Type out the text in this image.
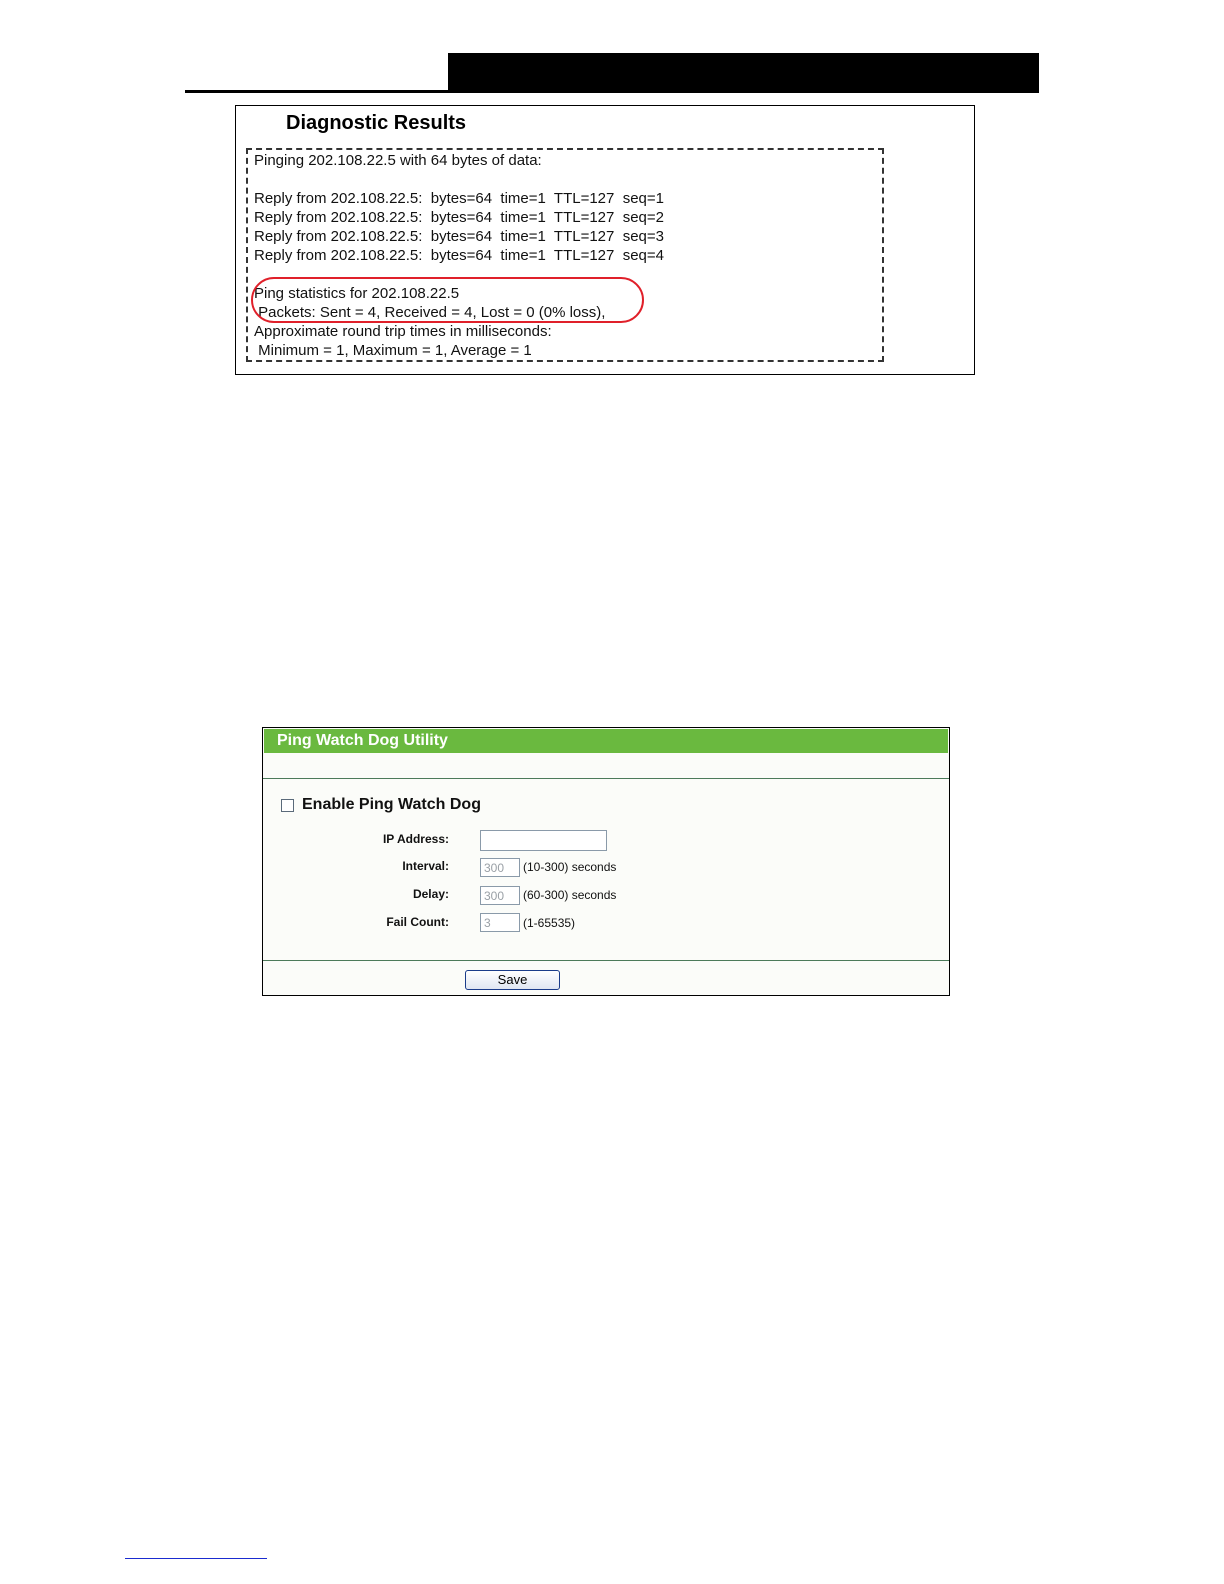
Diagnostic Results
Pinging 202.108.22.5 with 64 bytes of data:
Reply from 202.108.22.5:  bytes=64  time=1  TTL=127  seq=1
Reply from 202.108.22.5:  bytes=64  time=1  TTL=127  seq=2
Reply from 202.108.22.5:  bytes=64  time=1  TTL=127  seq=3
Reply from 202.108.22.5:  bytes=64  time=1  TTL=127  seq=4
Ping statistics for 202.108.22.5
Packets: Sent = 4, Received = 4, Lost = 0 (0% loss),
Approximate round trip times in milliseconds:
Minimum = 1, Maximum = 1, Average = 1
Ping Watch Dog Utility
Enable Ping Watch Dog
IP Address:
Interval:	300	(10-300) seconds
Delay:	300	(60-300) seconds
Fail Count:	3	(1-65535)
Save
